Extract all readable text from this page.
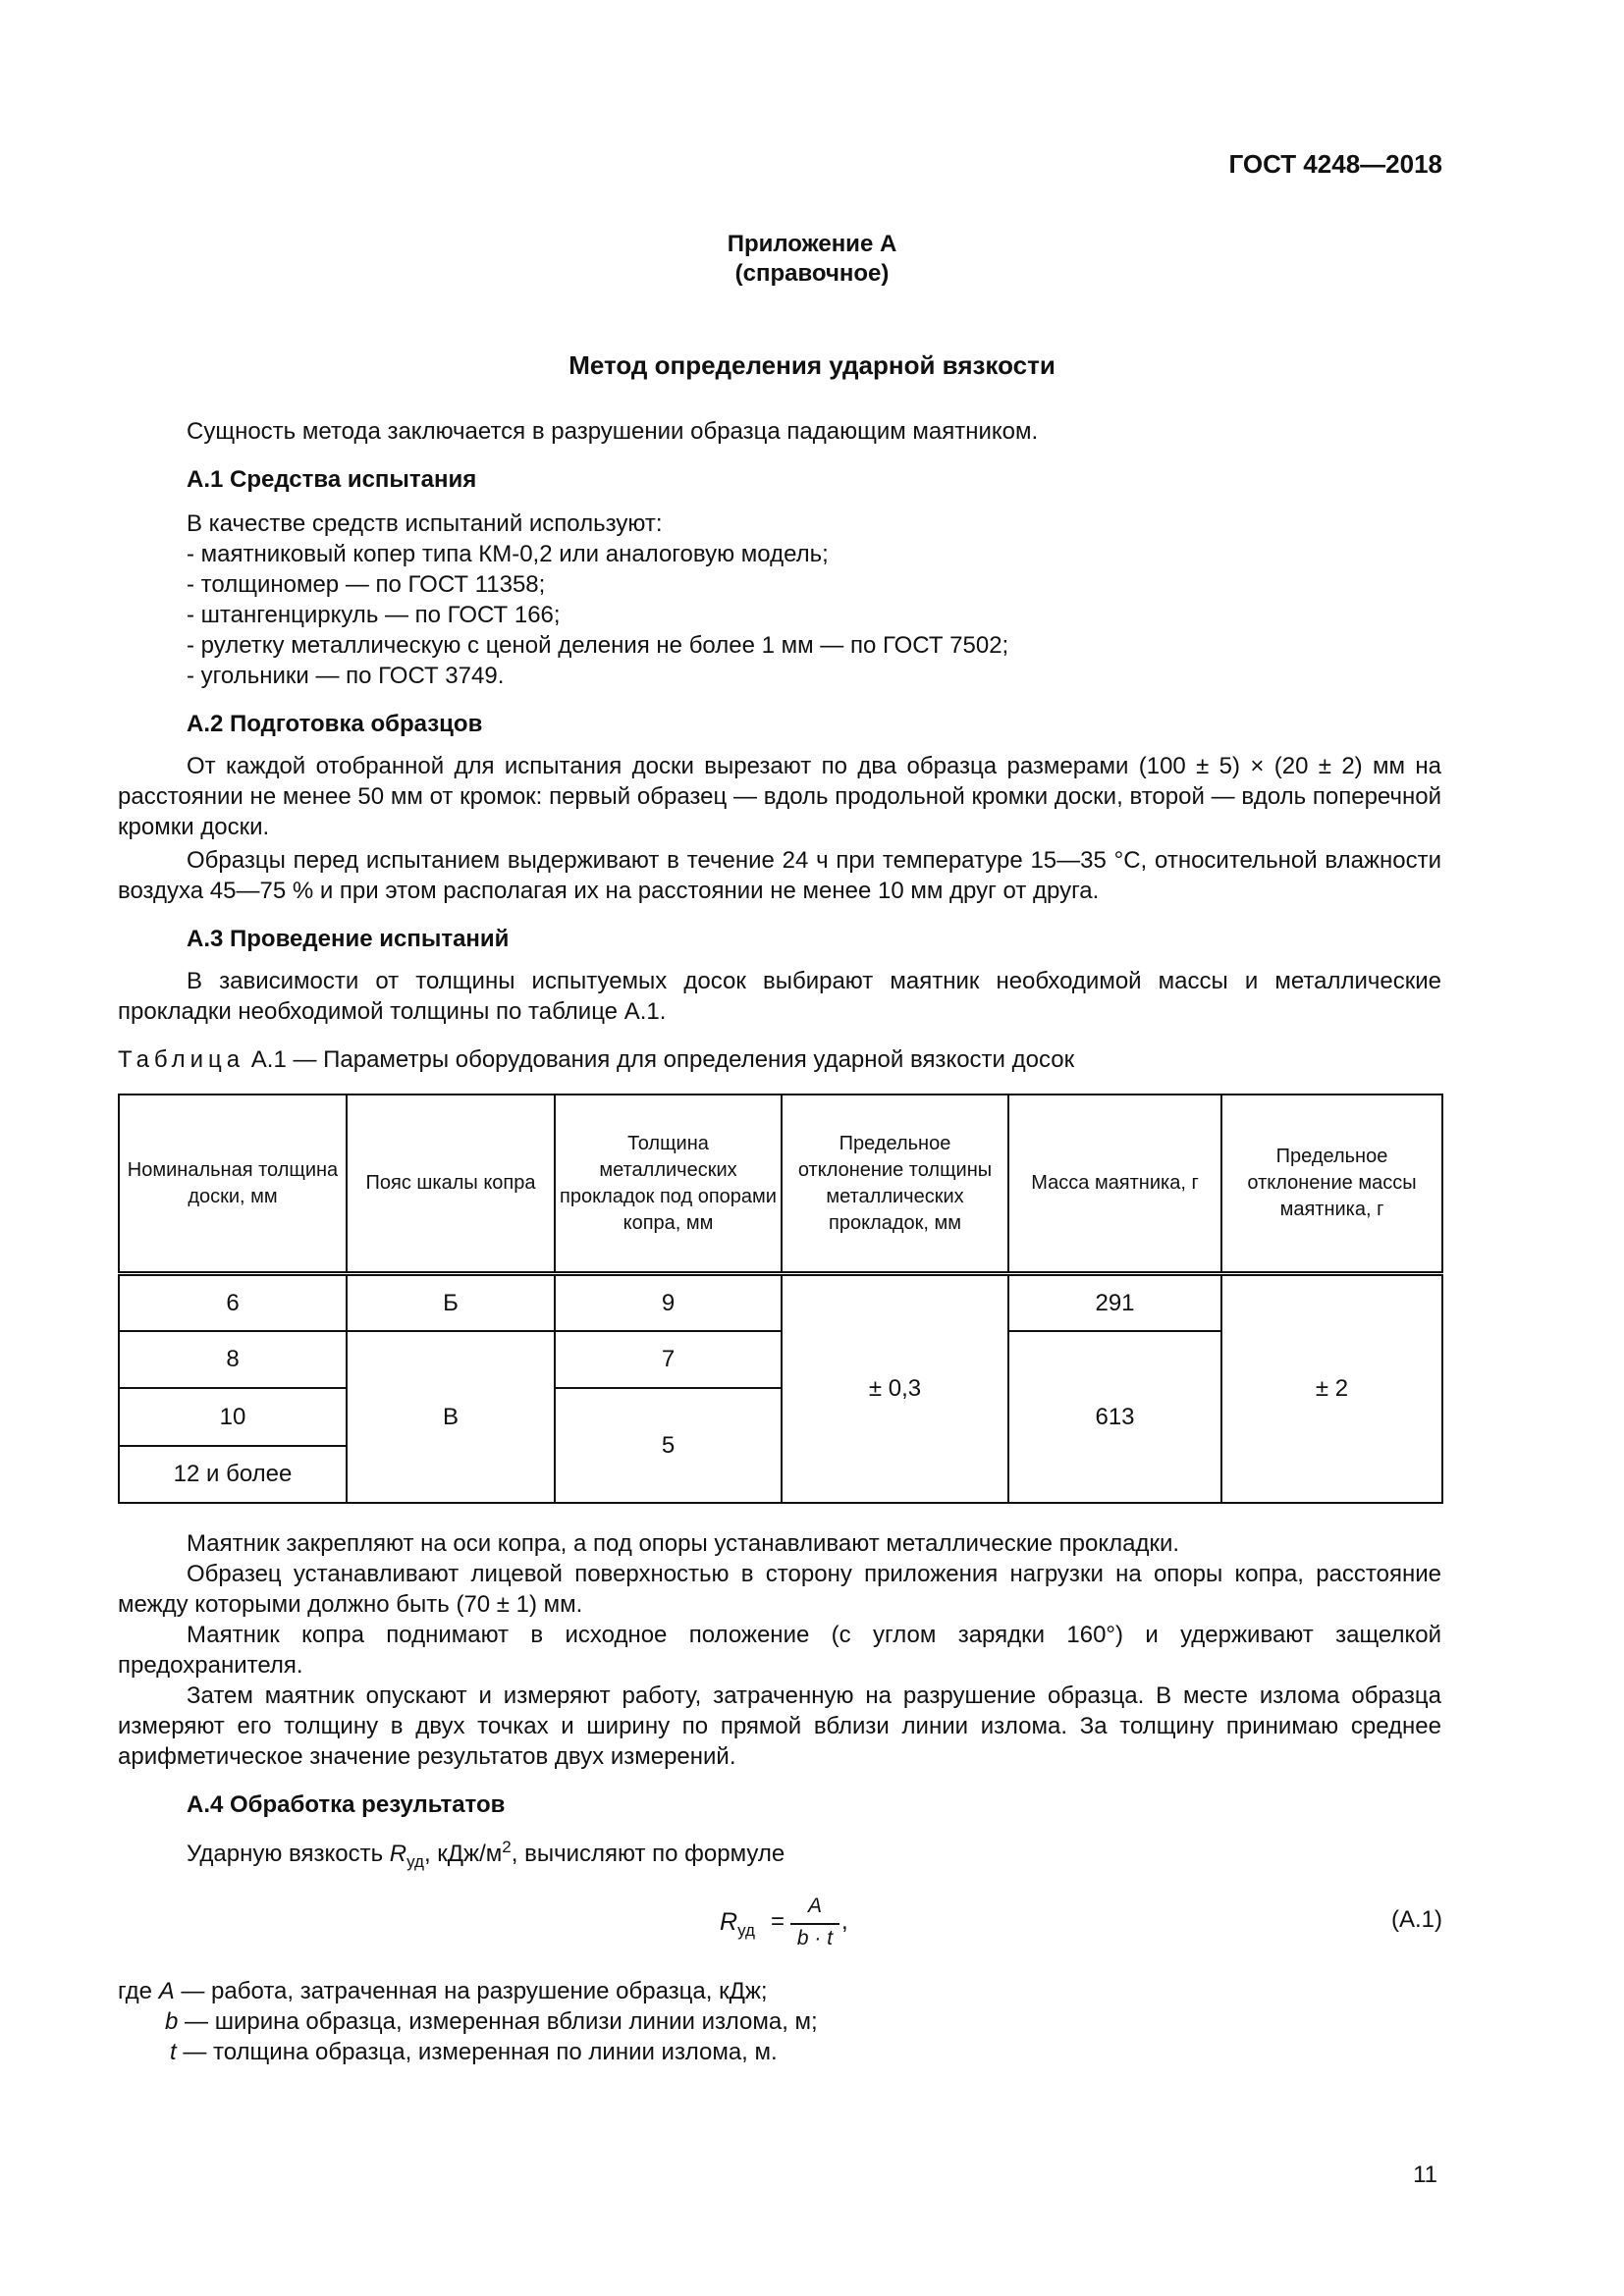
ГОСТ 4248—2018
Приложение А
(справочное)
Метод определения ударной вязкости
Сущность метода заключается в разрушении образца падающим маятником.
А.1 Средства испытания
В качестве средств испытаний используют:
- маятниковый копер типа КМ-0,2 или аналоговую модель;
- толщиномер — по ГОСТ 11358;
- штангенциркуль — по ГОСТ 166;
- рулетку металлическую с ценой деления не более 1 мм — по ГОСТ 7502;
- угольники — по ГОСТ 3749.
А.2 Подготовка образцов
От каждой отобранной для испытания доски вырезают по два образца размерами (100 ± 5) × (20 ± 2) мм на расстоянии не менее 50 мм от кромок: первый образец — вдоль продольной кромки доски, второй — вдоль поперечной кромки доски.
Образцы перед испытанием выдерживают в течение 24 ч при температуре 15—35 °С, относительной влажности воздуха 45—75 % и при этом располагая их на расстоянии не менее 10 мм друг от друга.
А.3 Проведение испытаний
В зависимости от толщины испытуемых досок выбирают маятник необходимой массы и металлические прокладки необходимой толщины по таблице А.1.
Таблица А.1 — Параметры оборудования для определения ударной вязкости досок
Номинальная толщина доски, мм	Пояс шкалы копра	Толщина металлических прокладок под опорами копра, мм	Предельное отклонение толщины металлических прокладок, мм	Масса маятника, г	Предельное отклонение массы маятника, г
6	Б	9	± 0,3	291	± 2
8	В	7		613	
10		5			
12 и более					
Маятник закрепляют на оси копра, а под опоры устанавливают металлические прокладки.
Образец устанавливают лицевой поверхностью в сторону приложения нагрузки на опоры копра, расстояние между которыми должно быть (70 ± 1) мм.
Маятник копра поднимают в исходное положение (с углом зарядки 160°) и удерживают защелкой предохранителя.
Затем маятник опускают и измеряют работу, затраченную на разрушение образца. В месте излома образца измеряют его толщину в двух точках и ширину по прямой вблизи линии излома. За толщину принимаю среднее арифметическое значение результатов двух измерений.
А.4 Обработка результатов
Ударную вязкость $R_{уд}$, кДж/$м^2$, вычисляют по формуле
$R_{уд}$ =
A
b · t
,	(А.1)
где A — работа, затраченная на разрушение образца, кДж;
b — ширина образца, измеренная вблизи линии излома, м;
t — толщина образца, измеренная по линии излома, м.
11
